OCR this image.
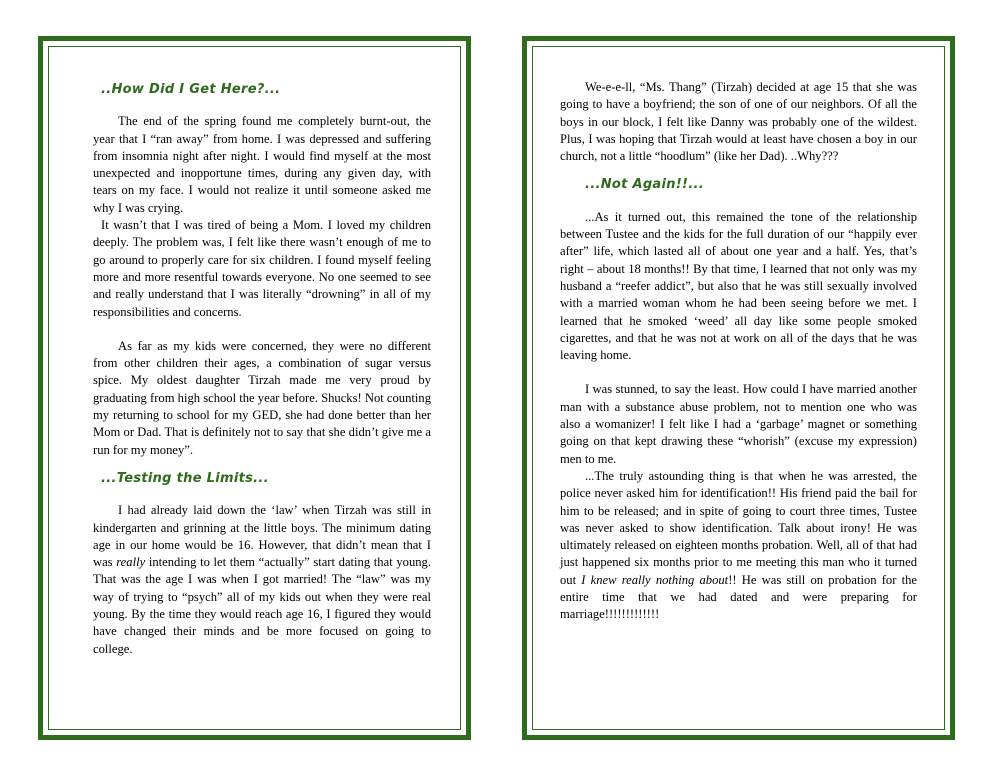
..How Did I Get Here?...

The end of the spring found me completely burnt-out, the year that I “ran away” from home. I was depressed and suffering from insomnia night after night. I would find myself at the most unexpected and inopportune times, during any given day, with tears on my face. I would not realize it until someone asked me why I was crying.

It wasn’t that I was tired of being a Mom. I loved my children deeply. The problem was, I felt like there wasn’t enough of me to go around to properly care for six children. I found myself feeling more and more resentful towards everyone. No one seemed to see and really understand that I was literally “drowning” in all of my responsibilities and concerns.

As far as my kids were concerned, they were no different from other children their ages, a combination of sugar versus spice. My oldest daughter Tirzah made me very proud by graduating from high school the year before. Shucks! Not counting my returning to school for my GED, she had done better than her Mom or Dad. That is definitely not to say that she didn’t give me a run for my money”.

...Testing the Limits...

I had already laid down the ‘law’ when Tirzah was still in kindergarten and grinning at the little boys. The minimum dating age in our home would be 16. However, that didn’t mean that I was really intending to let them “actually” start dating that young. That was the age I was when I got married! The “law” was my way of trying to “psych” all of my kids out when they were real young. By the time they would reach age 16, I figured they would have changed their minds and be more focused on going to college.

We-e-e-ll, “Ms. Thang” (Tirzah) decided at age 15 that she was going to have a boyfriend; the son of one of our neighbors. Of all the boys in our block, I felt like Danny was probably one of the wildest. Plus, I was hoping that Tirzah would at least have chosen a boy in our church, not a little “hoodlum” (like her Dad). ..Why???

...Not Again!!...

...As it turned out, this remained the tone of the relationship between Tustee and the kids for the full duration of our “happily ever after” life, which lasted all of about one year and a half. Yes, that’s right – about 18 months!! By that time, I learned that not only was my husband a “reefer addict”, but also that he was still sexually involved with a married woman whom he had been seeing before we met. I learned that he smoked ‘weed’ all day like some people smoked cigarettes, and that he was not at work on all of the days that he was leaving home.

I was stunned, to say the least. How could I have married another man with a substance abuse problem, not to mention one who was also a womanizer! I felt like I had a ‘garbage’ magnet or something going on that kept drawing these “whorish” (excuse my expression) men to me.

...The truly astounding thing is that when he was arrested, the police never asked him for identification!! His friend paid the bail for him to be released; and in spite of going to court three times, Tustee was never asked to show identification. Talk about irony! He was ultimately released on eighteen months probation. Well, all of that had just happened six months prior to me meeting this man who it turned out I knew really nothing about!! He was still on probation for the entire time that we had dated and were preparing for marriage!!!!!!!!!!!!!
